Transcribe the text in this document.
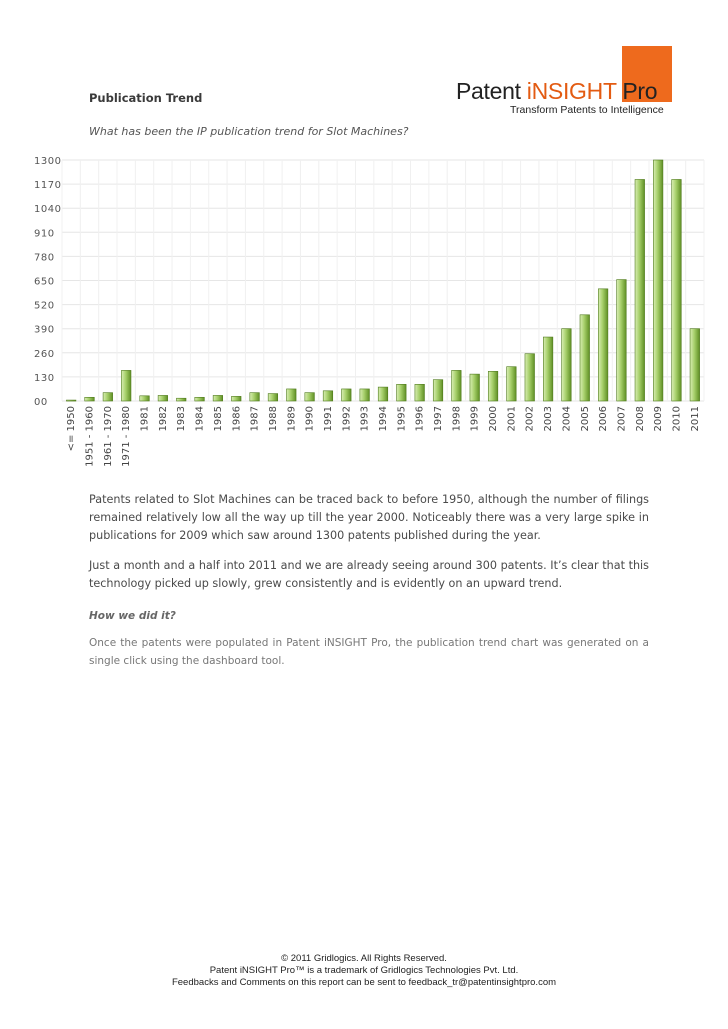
Publication Trend
What has been the IP publication trend for Slot Machines?
Patent iNSIGHT Pro
Transform Patents to Intelligence
00
130
260
390
520
650
780
910
1040
1170
1300
<= 1950 1951 - 1960 1961 - 1970 1971 - 1980 1981 1982 1983 1984 1985 1986 1987 1988 1989 1990 1991 1992 1993 1994 1995 1996 1997 1998 1999 2000 2001 2002 2003 2004 2005 2006 2007 2008 2009 2010 2011
Patents related to Slot Machines can be traced back to before 1950, although the number of filings remained relatively low all the way up till the year 2000. Noticeably there was a very large spike in publications for 2009 which saw around 1300 patents published during the year.
Just a month and a half into 2011 and we are already seeing around 300 patents. It’s clear that this technology picked up slowly, grew consistently and is evidently on an upward trend.
How we did it?
Once the patents were populated in Patent iNSIGHT Pro, the publication trend chart was generated on a single click using the dashboard tool.
© 2011 Gridlogics. All Rights Reserved.
Patent iNSIGHT Pro™ is a trademark of Gridlogics Technologies Pvt. Ltd.
Feedbacks and Comments on this report can be sent to feedback_tr@patentinsightpro.com
